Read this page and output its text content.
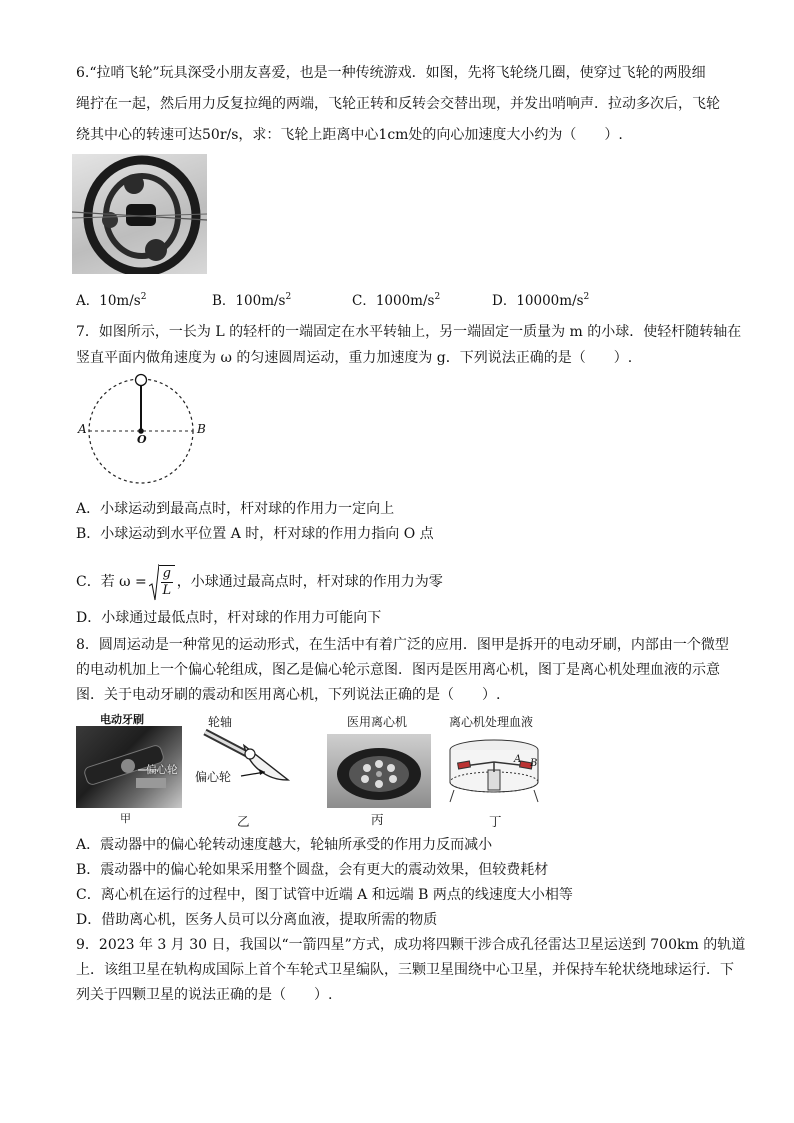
6.“拉哨飞轮”玩具深受小朋友喜爱，也是一种传统游戏．如图，先将飞轮绕几圈，使穿过飞轮的两股细
绳拧在一起，然后用力反复拉绳的两端，飞轮正转和反转会交替出现，并发出哨响声．拉动多次后，飞轮
绕其中心的转速可达50r/s，求：飞轮上距离中心1cm处的向心加速度大小约为（　　）.
A．$10m/s^2$	B．$100m/s^2$	C．$1000m/s^2$	D．$10000m/s^2$
7．如图所示，一长为 L 的轻杆的一端固定在水平转轴上，另一端固定一质量为 m 的小球．使轻杆随转轴在
竖直平面内做角速度为 ω 的匀速圆周运动，重力加速度为 g．下列说法正确的是（　　）.
A
O
B
A．小球运动到最高点时，杆对球的作用力一定向上
B．小球运动到水平位置 A 时，杆对球的作用力指向 O 点
C．若 ω =
g
L
，小球通过最高点时，杆对球的作用力为零
D．小球通过最低点时，杆对球的作用力可能向下
8．圆周运动是一种常见的运动形式，在生活中有着广泛的应用．图甲是拆开的电动牙刷，内部由一个微型
的电动机加上一个偏心轮组成，图乙是偏心轮示意图．图丙是医用离心机，图丁是离心机处理血液的示意
图．关于电动牙刷的震动和医用离心机，下列说法正确的是（　　）.
电动牙刷
偏心轮
甲
轮轴
偏心轮
乙
医用离心机
丙
离心机处理血液
A B
丁
A．震动器中的偏心轮转动速度越大，轮轴所承受的作用力反而减小
B．震动器中的偏心轮如果采用整个圆盘，会有更大的震动效果，但较费耗材
C．离心机在运行的过程中，图丁试管中近端 A 和远端 B 两点的线速度大小相等
D．借助离心机，医务人员可以分离血液，提取所需的物质
9．2023 年 3 月 30 日，我国以“一箭四星”方式，成功将四颗干涉合成孔径雷达卫星运送到 700km 的轨道
上．该组卫星在轨构成国际上首个车轮式卫星编队，三颗卫星围绕中心卫星，并保持车轮状绕地球运行．下
列关于四颗卫星的说法正确的是（　　）.
